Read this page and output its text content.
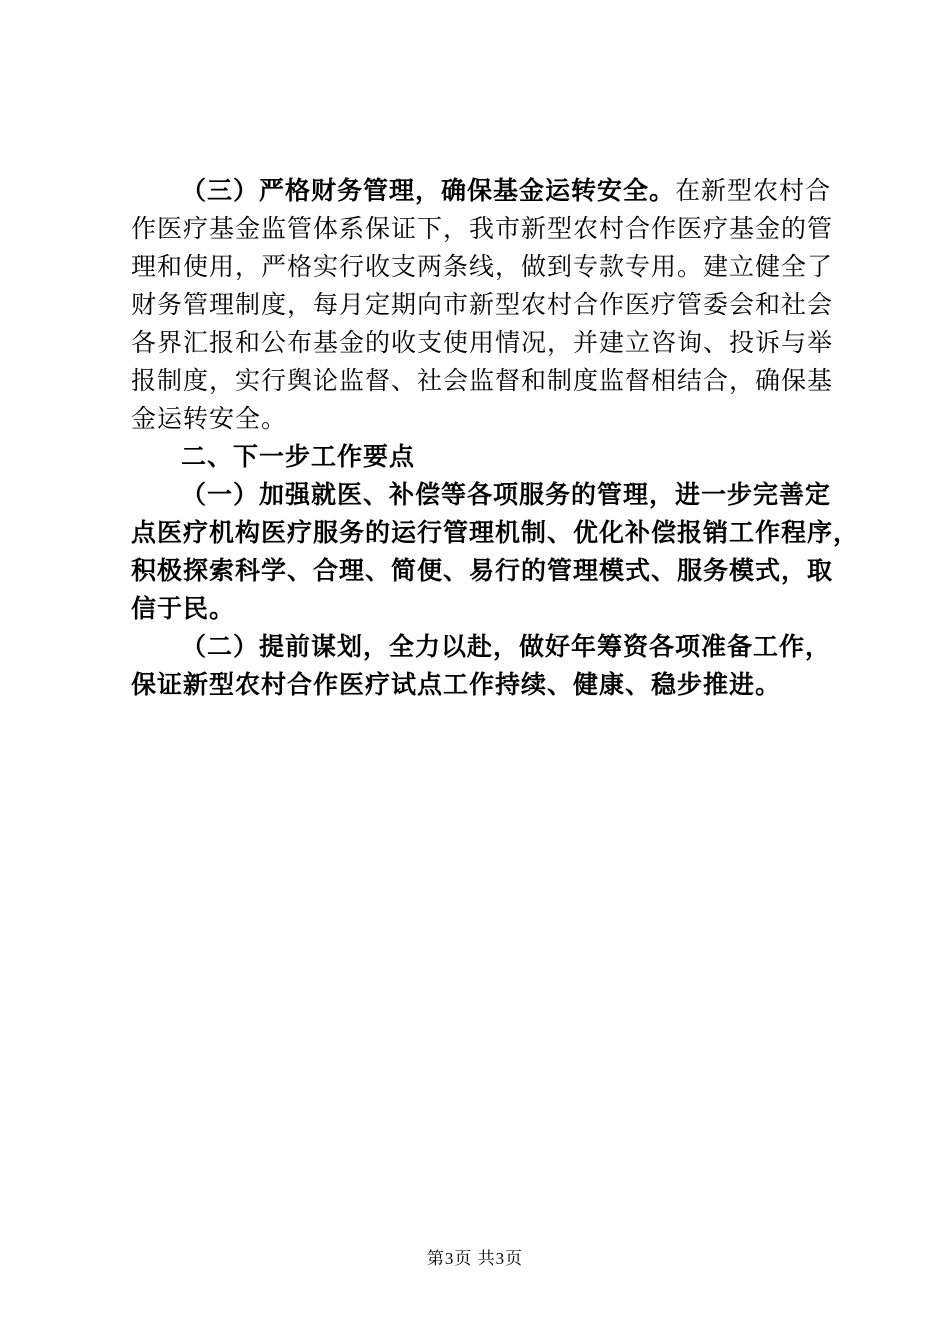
（三）严格财务管理，确保基金运转安全。在新型农村合
作医疗基金监管体系保证下，我市新型农村合作医疗基金的管
理和使用，严格实行收支两条线，做到专款专用。建立健全了
财务管理制度，每月定期向市新型农村合作医疗管委会和社会
各界汇报和公布基金的收支使用情况，并建立咨询、投诉与举
报制度，实行舆论监督、社会监督和制度监督相结合，确保基
金运转安全。
二、下一步工作要点
（一）加强就医、补偿等各项服务的管理，进一步完善定
点医疗机构医疗服务的运行管理机制、优化补偿报销工作程序，
积极探索科学、合理、简便、易行的管理模式、服务模式，取
信于民。
（二）提前谋划，全力以赴，做好年筹资各项准备工作，
保证新型农村合作医疗试点工作持续、健康、稳步推进。
第3页 共3页
